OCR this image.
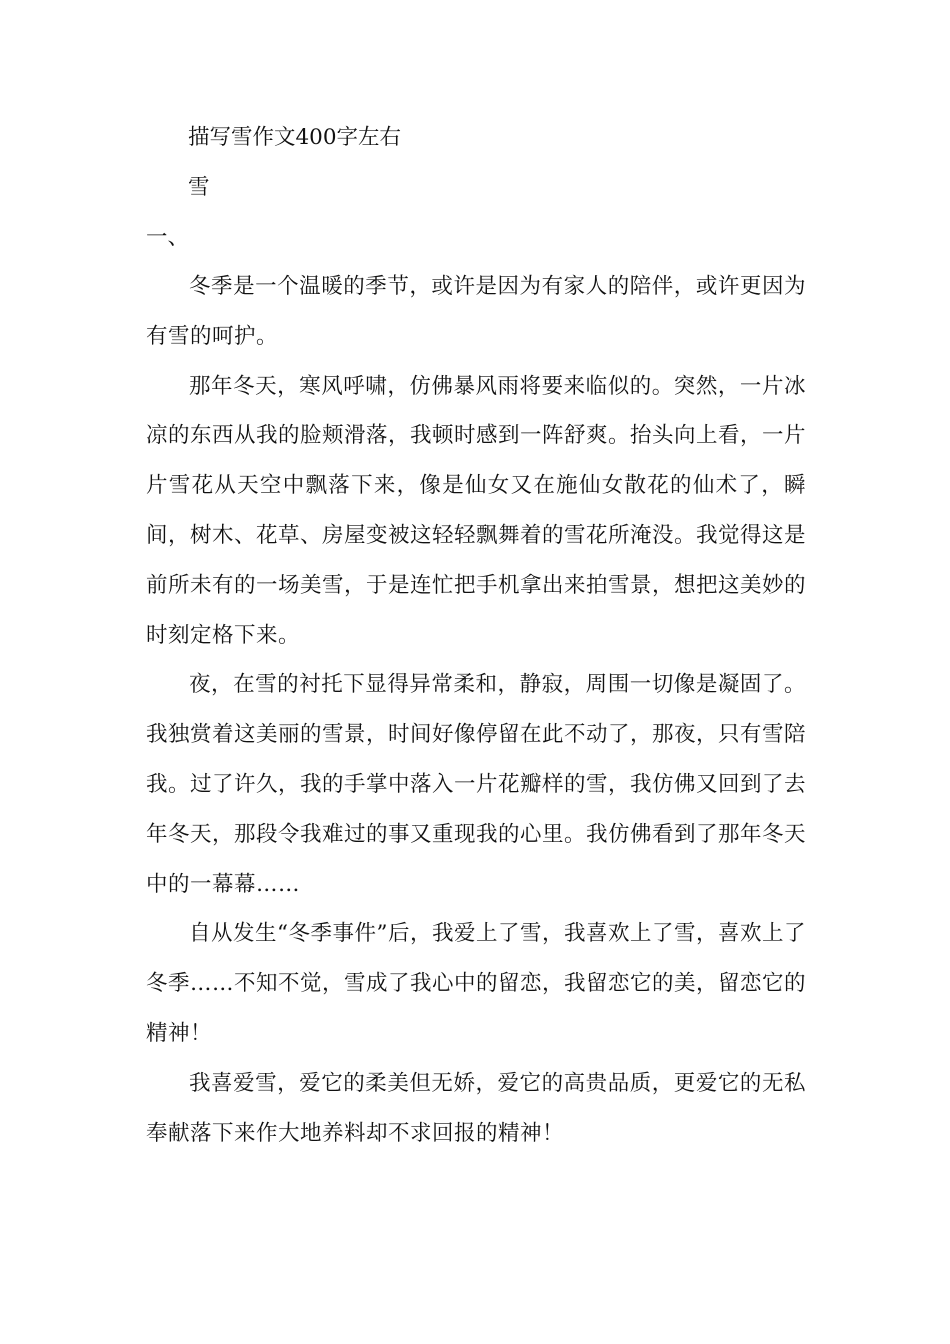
描写雪作文400字左右
雪
一、

冬季是一个温暖的季节，或许是因为有家人的陪伴，或许更因为有雪的呵护。

那年冬天，寒风呼啸，仿佛暴风雨将要来临似的。突然，一片冰凉的东西从我的脸颊滑落，我顿时感到一阵舒爽。抬头向上看，一片片雪花从天空中飘落下来，像是仙女又在施仙女散花的仙术了，瞬间，树木、花草、房屋变被这轻轻飘舞着的雪花所淹没。我觉得这是前所未有的一场美雪，于是连忙把手机拿出来拍雪景，想把这美妙的时刻定格下来。

夜，在雪的衬托下显得异常柔和，静寂，周围一切像是凝固了。我独赏着这美丽的雪景，时间好像停留在此不动了，那夜，只有雪陪我。过了许久，我的手掌中落入一片花瓣样的雪，我仿佛又回到了去年冬天，那段令我难过的事又重现我的心里。我仿佛看到了那年冬天中的一幕幕……

自从发生“冬季事件”后，我爱上了雪，我喜欢上了雪，喜欢上了冬季……不知不觉，雪成了我心中的留恋，我留恋它的美，留恋它的精神！

我喜爱雪，爱它的柔美但无娇，爱它的高贵品质，更爱它的无私奉献落下来作大地养料却不求回报的精神！
